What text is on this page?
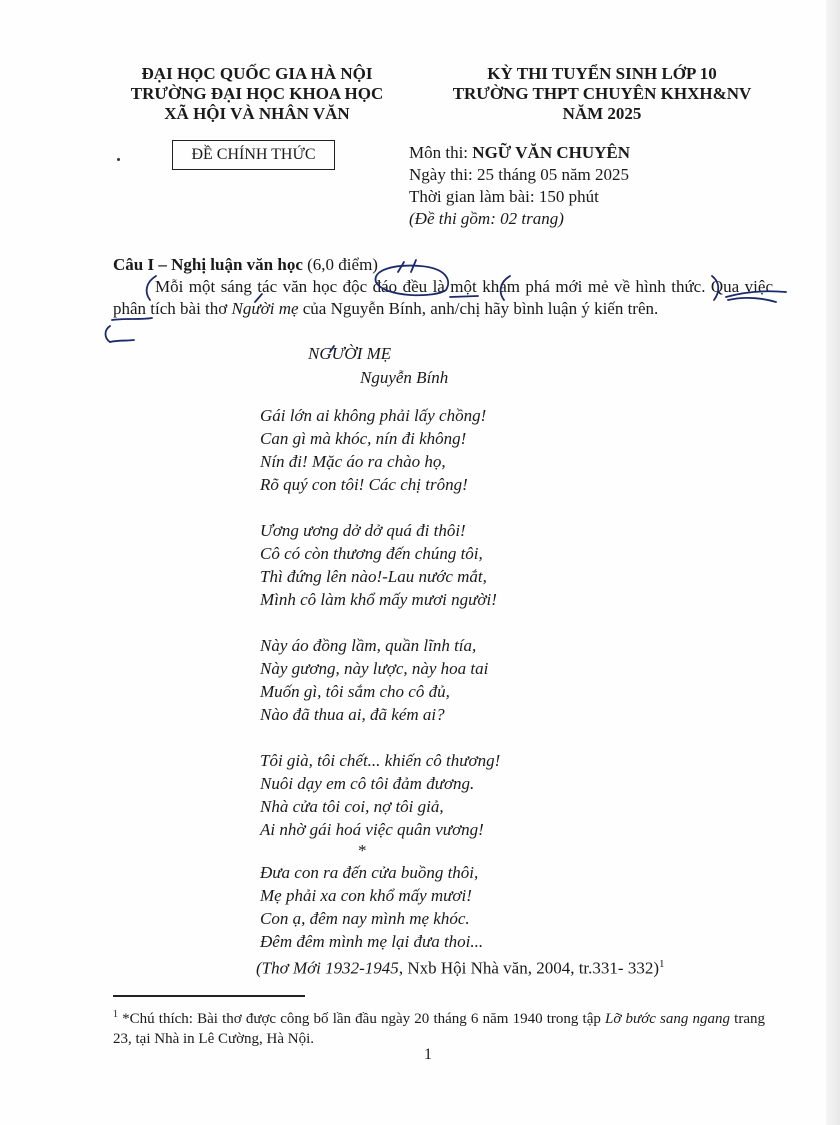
ĐẠI HỌC QUỐC GIA HÀ NỘI
TRƯỜNG ĐẠI HỌC KHOA HỌC
XÃ HỘI VÀ NHÂN VĂN
KỲ THI TUYỂN SINH LỚP 10
TRƯỜNG THPT CHUYÊN KHXH&NV
NĂM 2025
ĐỀ CHÍNH THỨC	Môn thi: NGỮ VĂN CHUYÊN
Ngày thi: 25 tháng 05 năm 2025
Thời gian làm bài: 150 phút
(Đề thi gồm: 02 trang)
Câu I – Nghị luận văn học (6,0 điểm)
Mỗi một sáng tác văn học độc đáo đều là một khám phá mới mẻ về hình thức. Qua việc phân tích bài thơ Người mẹ của Nguyễn Bính, anh/chị hãy bình luận ý kiến trên.
NGƯỜI MẸ
Nguyễn Bính
Gái lớn ai không phải lấy chồng!
Can gì mà khóc, nín đi không!
Nín đi! Mặc áo ra chào họ,
Rõ quý con tôi! Các chị trông!
Ương ương dở dở quá đi thôi!
Cô có còn thương đến chúng tôi,
Thì đứng lên nào!-Lau nước mắt,
Mình cô làm khổ mấy mươi người!
Này áo đồng lầm, quần lĩnh tía,
Này gương, này lược, này hoa tai
Muốn gì, tôi sắm cho cô đủ,
Nào đã thua ai, đã kém ai?
Tôi già, tôi chết... khiến cô thương!
Nuôi dạy em cô tôi đảm đương.
Nhà cửa tôi coi, nợ tôi giả,
Ai nhờ gái hoá việc quân vương!
*
Đưa con ra đến cửa buồng thôi,
Mẹ phải xa con khổ mấy mươi!
Con ạ, đêm nay mình mẹ khóc.
Đêm đêm mình mẹ lại đưa thoi...
(Thơ Mới 1932-1945, Nxb Hội Nhà văn, 2004, tr.331- 332)$^1$
$^1$ *Chú thích: Bài thơ được công bố lần đầu ngày 20 tháng 6 năm 1940 trong tập Lỡ bước sang ngang trang 23, tại Nhà in Lê Cường, Hà Nội.
1
